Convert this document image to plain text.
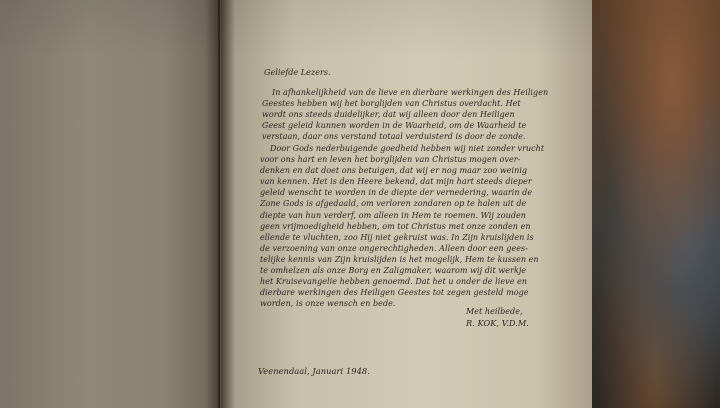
Geliefde Lezers.
In afhankelijkheid van de lieve en dierbare werkingen des Heiligen
Geestes hebben wij het borglijden van Christus overdacht. Het
wordt ons steeds duidelijker, dat wij alleen door den Heiligen
Geest geleid kunnen worden in de Waarheid, om de Waarheid te
verstaan, daar ons verstand totaal verduisterd is door de zonde.
Door Gods nederbuigende goedheid hebben wij niet zonder vrucht
voor ons hart en leven het borglijden van Christus mogen over-
denken en dat doet ons betuigen, dat wij er nog maar zoo weinig
van kennen. Het is den Heere bekend, dat mijn hart steeds dieper
geleid wenscht te worden in de diepte der vernedering, waarin de
Zone Gods is afgedaald, om verloren zondaren op te halen uit de
diepte van hun verderf, om alleen in Hem te roemen. Wij zouden
geen vrijmoedigheid hebben, om tot Christus met onze zonden en
ellende te vluchten, zoo Hij niet gekruist was. In Zijn kruislijden is
de verzoening van onze ongerechtigheden. Alleen door een gees-
telijke kennis van Zijn kruislijden is het mogelijk, Hem te kussen en
te omhelzen als onze Borg en Zaligmaker, waarom wij dit werkje
het Kruisevangelie hebben genoemd. Dat het u onder de lieve en
dierbare werkingen des Heiligen Geestes tot zegen gesteld moge
worden, is onze wensch en bede.
Met heilbede,
R. KOK, V.D.M.
Veenendaal, Januari 1948.
